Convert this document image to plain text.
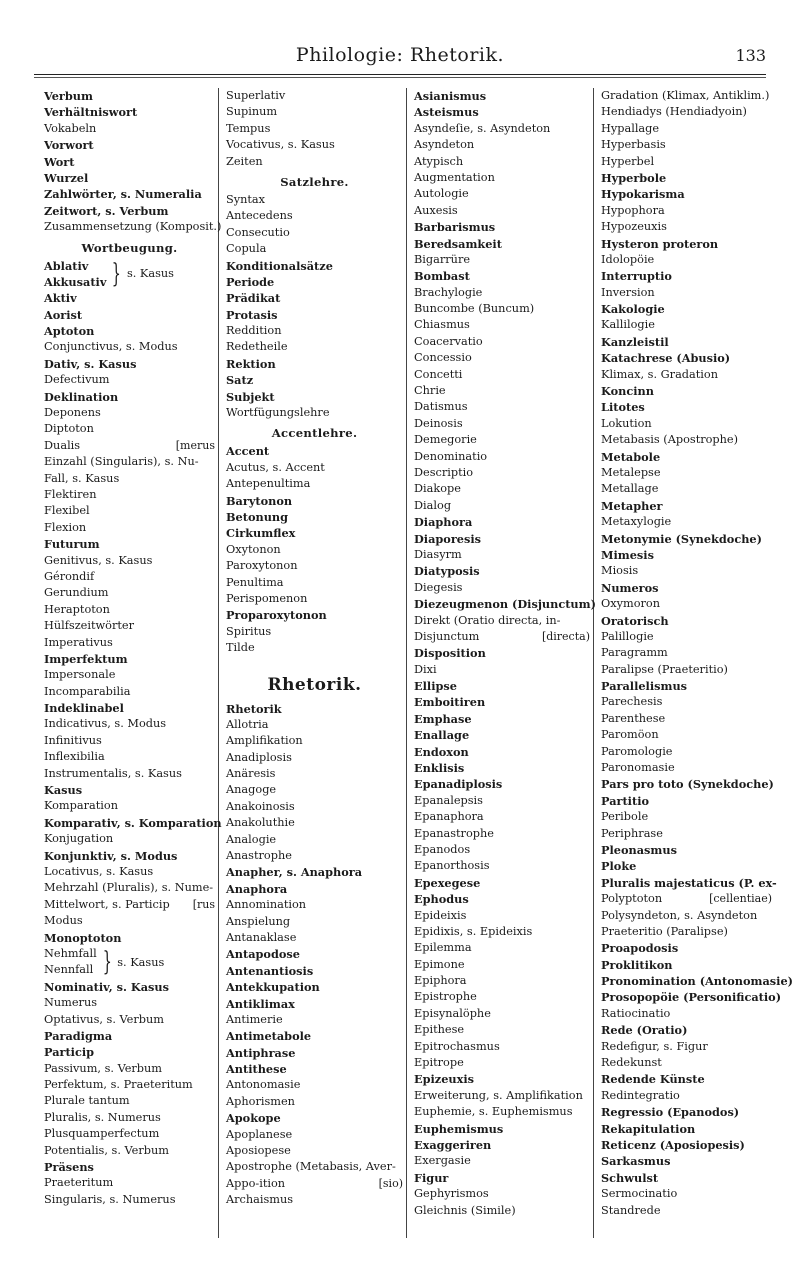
Philologie: Rhetorik.	133
Verbum
Verhältniswort
Vokabeln
Vorwort
Wort
Wurzel
Zahlwörter, s. Numeralia
Zeitwort, s. Verbum
Zusammensetzung (Komposit.)
Wortbeugung.
Ablativ
Akkusativ } s. Kasus
Aktiv
Aorist
Aptoton
Conjunctivus, s. Modus
Dativ, s. Kasus
Defectivum
Deklination
Deponens
Diptoton
Dualis	[merus
Einzahl (Singularis), s. Nu-
Fall, s. Kasus
Flektiren
Flexibel
Flexion
Futurum
Genitivus, s. Kasus
Gérondif
Gerundium
Heraptoton
Hülfszeitwörter
Imperativus
Imperfektum
Impersonale
Incomparabilia
Indeklinabel
Indicativus, s. Modus
Infinitivus
Inflexibilia
Instrumentalis, s. Kasus
Kasus
Komparation
Komparativ, s. Komparation
Konjugation
Konjunktiv, s. Modus
Locativus, s. Kasus
Mehrzahl (Pluralis), s. Nume-
Mittelwort, s. Particip [rus
Modus
Monoptoton
Nehmfall
Nennfall } s. Kasus
Nominativ, s. Kasus
Numerus
Optativus, s. Verbum
Paradigma
Particip
Passivum, s. Verbum
Perfektum, s. Praeteritum
Plurale tantum
Pluralis, s. Numerus
Plusquamperfectum
Potentialis, s. Verbum
Präsens
Praeteritum
Singularis, s. Numerus
Superlativ
Supinum
Tempus
Vocativus, s. Kasus
Zeiten
Satzlehre.
Syntax
Antecedens
Consecutio
Copula
Konditionalsätze
Periode
Prädikat
Protasis
Reddition
Redetheile
Rektion
Satz
Subjekt
Wortfügungslehre
Accentlehre.
Accent
Acutus, s. Accent
Antepenultima
Barytonon
Betonung
Cirkumflex
Oxytonon
Paroxytonon
Penultima
Perispomenon
Proparoxytonon
Spiritus
Tilde
Rhetorik.
Rhetorik
Allotria
Amplifikation
Anadiplosis
Anäresis
Anagoge
Anakoinosis
Anakoluthie
Analogie
Anastrophe
Anapher, s. Anaphora
Anaphora
Annomination
Anspielung
Antanaklase
Antapodose
Antenantiosis
Antekkupation
Antiklimax
Antimerie
Antimetabole
Antiphrase
Antithese
Antonomasie
Aphorismen
Apokope
Apoplanese
Aposiopese
Apostrophe (Metabasis, Aver-
Appo-ition	[sio)
Archaismus
Asianismus
Asteismus
Asyndeſie, s. Asyndeton
Asyndeton
Atypisch
Augmentation
Autologie
Auxesis
Barbarismus
Beredsamkeit
Bigarrüre
Bombast
Brachylogie
Buncombe (Buncum)
Chiasmus
Coacervatio
Concessio
Concetti
Chrie
Datismus
Deinosis
Demegorie
Denominatio
Descriptio
Diakope
Dialog
Diaphora
Diaporesis
Diasyrm
Diatyposis
Diegesis
Diezeugmenon (Disjunctum)
Direkt (Oratio directa, in-
Disjunctum	[directa)
Disposition
Dixi
Ellipse
Emboitiren
Emphase
Enallage
Endoxon
Enklisis
Epanadiplosis
Epanalepsis
Epanaphora
Epanastrophe
Epanodos
Epanorthosis
Epexegese
Ephodus
Epideixis
Epidixis, s. Epideixis
Epilemma
Epimone
Epiphora
Epistrophe
Episynalöphe
Epithese
Epitrochasmus
Epitrope
Epizeuxis
Erweiterung, s. Amplifikation
Euphemie, s. Euphemismus
Euphemismus
Exaggeriren
Exergasie
Figur
Gephyrismos
Gleichnis (Simile)
Gradation (Klimax, Antiklim.)
Hendiadys (Hendiadyoin)
Hypallage
Hyperbasis
Hyperbel
Hyperbole
Hypokarisma
Hypophora
Hypozeuxis
Hysteron proteron
Idolopöie
Interruptio
Inversion
Kakologie
Kallilogie
Kanzleistil
Katachrese (Abusio)
Klimax, s. Gradation
Koncinn
Litotes
Lokution
Metabasis (Apostrophe)
Metabole
Metalepse
Metallage
Metapher
Metaxylogie
Metonymie (Synekdoche)
Mimesis
Miosis
Numeros
Oxymoron
Oratorisch
Palillogie
Paragramm
Paralipse (Praeteritio)
Parallelismus
Parechesis
Parenthese
Paromöon
Paromologie
Paronomasie
Pars pro toto (Synekdoche)
Partitio
Peribole
Periphrase
Pleonasmus
Ploke
Pluralis majestaticus (P. ex-
Polyptoton	[cellentiae)
Polysyndeton, s. Asyndeton
Praeteritio (Paralipse)
Proapodosis
Proklitikon
Pronomination (Antonomasie)
Prosopopöie (Personificatio)
Ratiocinatio
Rede (Oratio)
Redefigur, s. Figur
Redekunst
Redende Künste
Redintegratio
Regressio (Epanodos)
Rekapitulation
Reticenz (Aposiopesis)
Sarkasmus
Schwulst
Sermocinatio
Standrede
